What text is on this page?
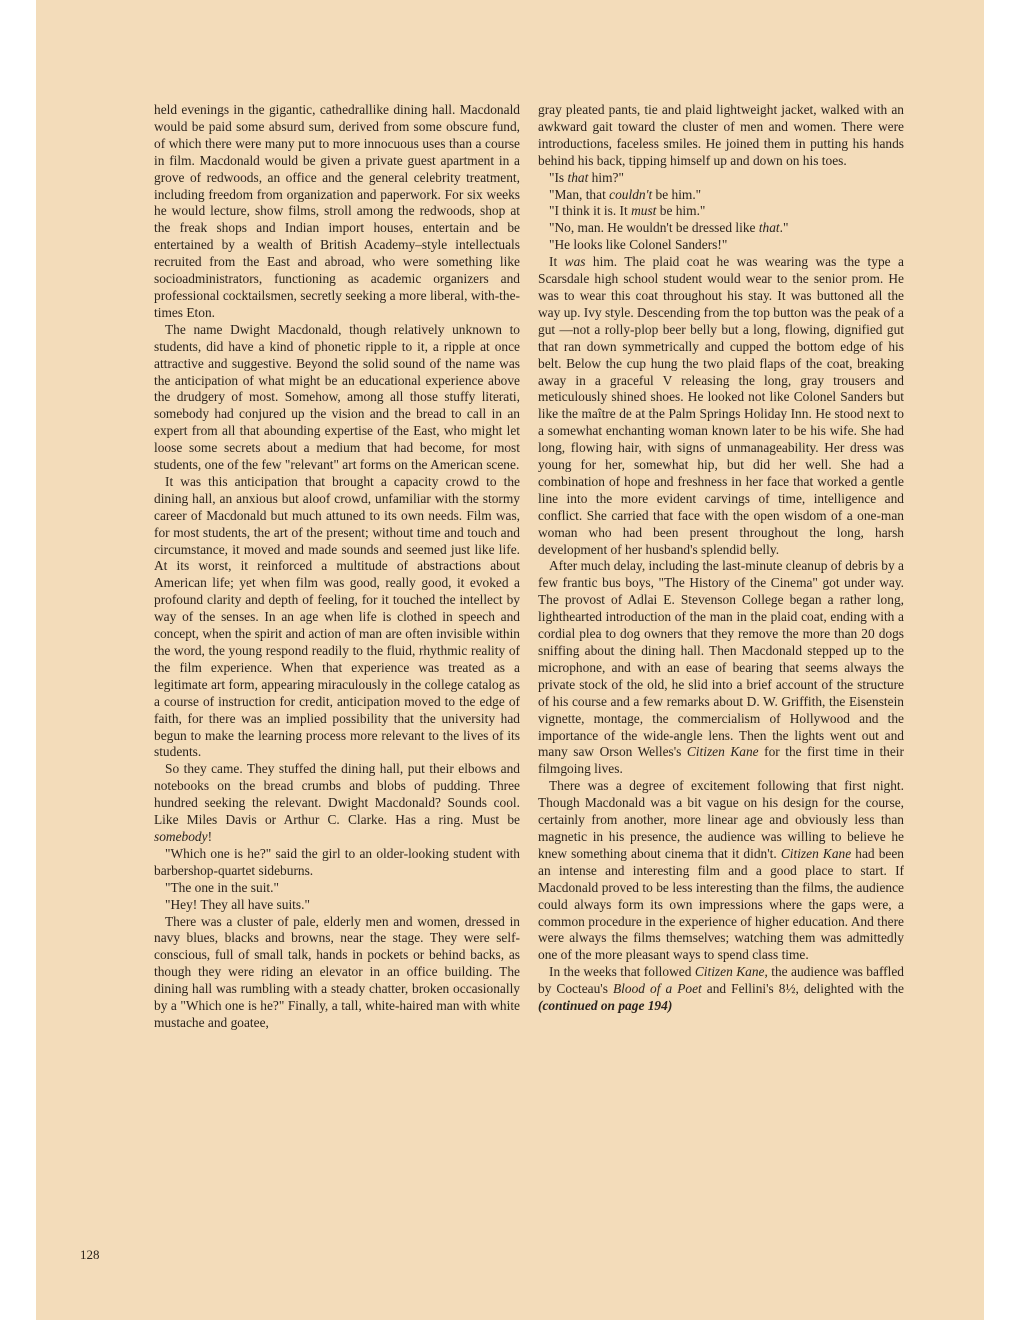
held evenings in the gigantic, cathedrallike dining hall. Macdonald would be paid some absurd sum, derived from some obscure fund, of which there were many put to more innocuous uses than a course in film. Macdonald would be given a private guest apartment in a grove of redwoods, an office and the general celebrity treatment, including freedom from organization and paperwork. For six weeks he would lecture, show films, stroll among the redwoods, shop at the freak shops and Indian import houses, entertain and be entertained by a wealth of British Academy–style intellectuals recruited from the East and abroad, who were something like socioadministrators, functioning as academic organizers and professional cocktailsmen, secretly seeking a more liberal, with-the-times Eton.

The name Dwight Macdonald, though relatively unknown to students, did have a kind of phonetic ripple to it, a ripple at once attractive and suggestive. Beyond the solid sound of the name was the anticipation of what might be an educational experience above the drudgery of most. Somehow, among all those stuffy literati, somebody had conjured up the vision and the bread to call in an expert from all that abounding expertise of the East, who might let loose some secrets about a medium that had become, for most students, one of the few "relevant" art forms on the American scene.

It was this anticipation that brought a capacity crowd to the dining hall, an anxious but aloof crowd, unfamiliar with the stormy career of Macdonald but much attuned to its own needs. Film was, for most students, the art of the present; without time and touch and circumstance, it moved and made sounds and seemed just like life. At its worst, it reinforced a multitude of abstractions about American life; yet when film was good, really good, it evoked a profound clarity and depth of feeling, for it touched the intellect by way of the senses. In an age when life is clothed in speech and concept, when the spirit and action of man are often invisible within the word, the young respond readily to the fluid, rhythmic reality of the film experience. When that experience was treated as a legitimate art form, appearing miraculously in the college catalog as a course of instruction for credit, anticipation moved to the edge of faith, for there was an implied possibility that the university had begun to make the learning process more relevant to the lives of its students.

So they came. They stuffed the dining hall, put their elbows and notebooks on the bread crumbs and blobs of pudding. Three hundred seeking the relevant. Dwight Macdonald? Sounds cool. Like Miles Davis or Arthur C. Clarke. Has a ring. Must be somebody!

"Which one is he?" said the girl to an older-looking student with barbershop-quartet sideburns.

"The one in the suit."

"Hey! They all have suits."

There was a cluster of pale, elderly men and women, dressed in navy blues, blacks and browns, near the stage. They were self-conscious, full of small talk, hands in pockets or behind backs, as though they were riding an elevator in an office building. The dining hall was rumbling with a steady chatter, broken occasionally by a "Which one is he?" Finally, a tall, white-haired man with white mustache and goatee,

gray pleated pants, tie and plaid lightweight jacket, walked with an awkward gait toward the cluster of men and women. There were introductions, faceless smiles. He joined them in putting his hands behind his back, tipping himself up and down on his toes.

"Is that him?"

"Man, that couldn't be him."

"I think it is. It must be him."

"No, man. He wouldn't be dressed like that."

"He looks like Colonel Sanders!"

It was him. The plaid coat he was wearing was the type a Scarsdale high school student would wear to the senior prom. He was to wear this coat throughout his stay. It was buttoned all the way up. Ivy style. Descending from the top button was the peak of a gut —not a rolly-plop beer belly but a long, flowing, dignified gut that ran down symmetrically and cupped the bottom edge of his belt. Below the cup hung the two plaid flaps of the coat, breaking away in a graceful V releasing the long, gray trousers and meticulously shined shoes. He looked not like Colonel Sanders but like the maître de at the Palm Springs Holiday Inn. He stood next to a somewhat enchanting woman known later to be his wife. She had long, flowing hair, with signs of unmanageability. Her dress was young for her, somewhat hip, but did her well. She had a combination of hope and freshness in her face that worked a gentle line into the more evident carvings of time, intelligence and conflict. She carried that face with the open wisdom of a one-man woman who had been present throughout the long, harsh development of her husband's splendid belly.

After much delay, including the last-minute cleanup of debris by a few frantic bus boys, "The History of the Cinema" got under way. The provost of Adlai E. Stevenson College began a rather long, lighthearted introduction of the man in the plaid coat, ending with a cordial plea to dog owners that they remove the more than 20 dogs sniffing about the dining hall. Then Macdonald stepped up to the microphone, and with an ease of bearing that seems always the private stock of the old, he slid into a brief account of the structure of his course and a few remarks about D. W. Griffith, the Eisenstein vignette, montage, the commercialism of Hollywood and the importance of the wide-angle lens. Then the lights went out and many saw Orson Welles's Citizen Kane for the first time in their filmgoing lives.

There was a degree of excitement following that first night. Though Macdonald was a bit vague on his design for the course, certainly from another, more linear age and obviously less than magnetic in his presence, the audience was willing to believe he knew something about cinema that it didn't. Citizen Kane had been an intense and interesting film and a good place to start. If Macdonald proved to be less interesting than the films, the audience could always form its own impressions where the gaps were, a common procedure in the experience of higher education. And there were always the films themselves; watching them was admittedly one of the more pleasant ways to spend class time.

In the weeks that followed Citizen Kane, the audience was baffled by Cocteau's Blood of a Poet and Fellini's 8½, delighted with the (continued on page 194)

128
